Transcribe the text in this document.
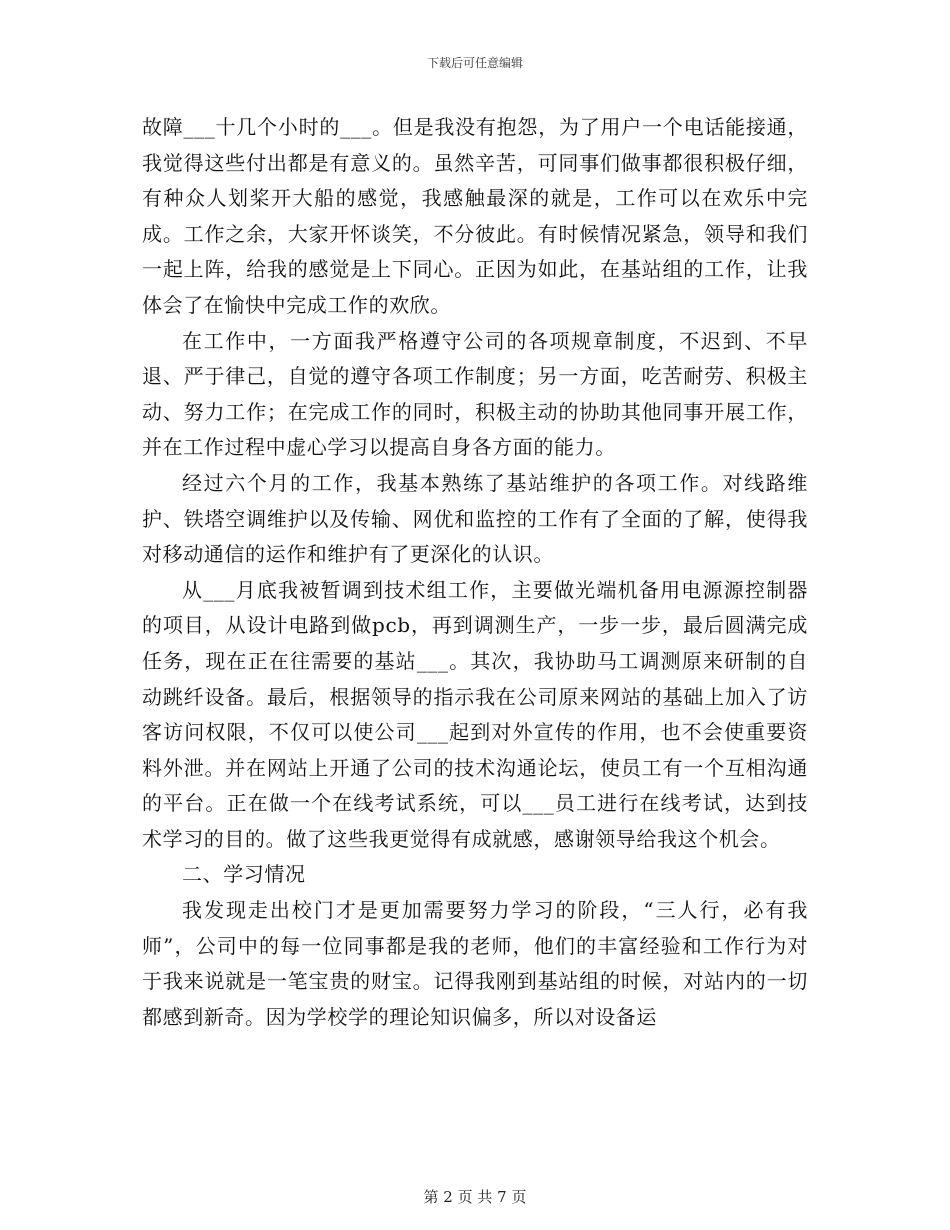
下载后可任意编辑

故障___十几个小时的___。但是我没有抱怨，为了用户一个电话能接通，我觉得这些付出都是有意义的。虽然辛苦，可同事们做事都很积极仔细，有种众人划桨开大船的感觉，我感触最深的就是，工作可以在欢乐中完成。工作之余，大家开怀谈笑，不分彼此。有时候情况紧急，领导和我们一起上阵，给我的感觉是上下同心。正因为如此，在基站组的工作，让我体会了在愉快中完成工作的欢欣。

在工作中，一方面我严格遵守公司的各项规章制度，不迟到、不早退、严于律己，自觉的遵守各项工作制度；另一方面，吃苦耐劳、积极主动、努力工作；在完成工作的同时，积极主动的协助其他同事开展工作，并在工作过程中虚心学习以提高自身各方面的能力。

经过六个月的工作，我基本熟练了基站维护的各项工作。对线路维护、铁塔空调维护以及传输、网优和监控的工作有了全面的了解，使得我对移动通信的运作和维护有了更深化的认识。

从___月底我被暂调到技术组工作，主要做光端机备用电源源控制器的项目，从设计电路到做pcb，再到调测生产，一步一步，最后圆满完成任务，现在正在往需要的基站___。其次，我协助马工调测原来研制的自动跳纤设备。最后，根据领导的指示我在公司原来网站的基础上加入了访客访问权限，不仅可以使公司___起到对外宣传的作用，也不会使重要资料外泄。并在网站上开通了公司的技术沟通论坛，使员工有一个互相沟通的平台。正在做一个在线考试系统，可以___员工进行在线考试，达到技术学习的目的。做了这些我更觉得有成就感，感谢领导给我这个机会。

二、学习情况

我发现走出校门才是更加需要努力学习的阶段，“三人行，必有我师”，公司中的每一位同事都是我的老师，他们的丰富经验和工作行为对于我来说就是一笔宝贵的财宝。记得我刚到基站组的时候，对站内的一切都感到新奇。因为学校学的理论知识偏多，所以对设备运

第 2 页 共 7 页
